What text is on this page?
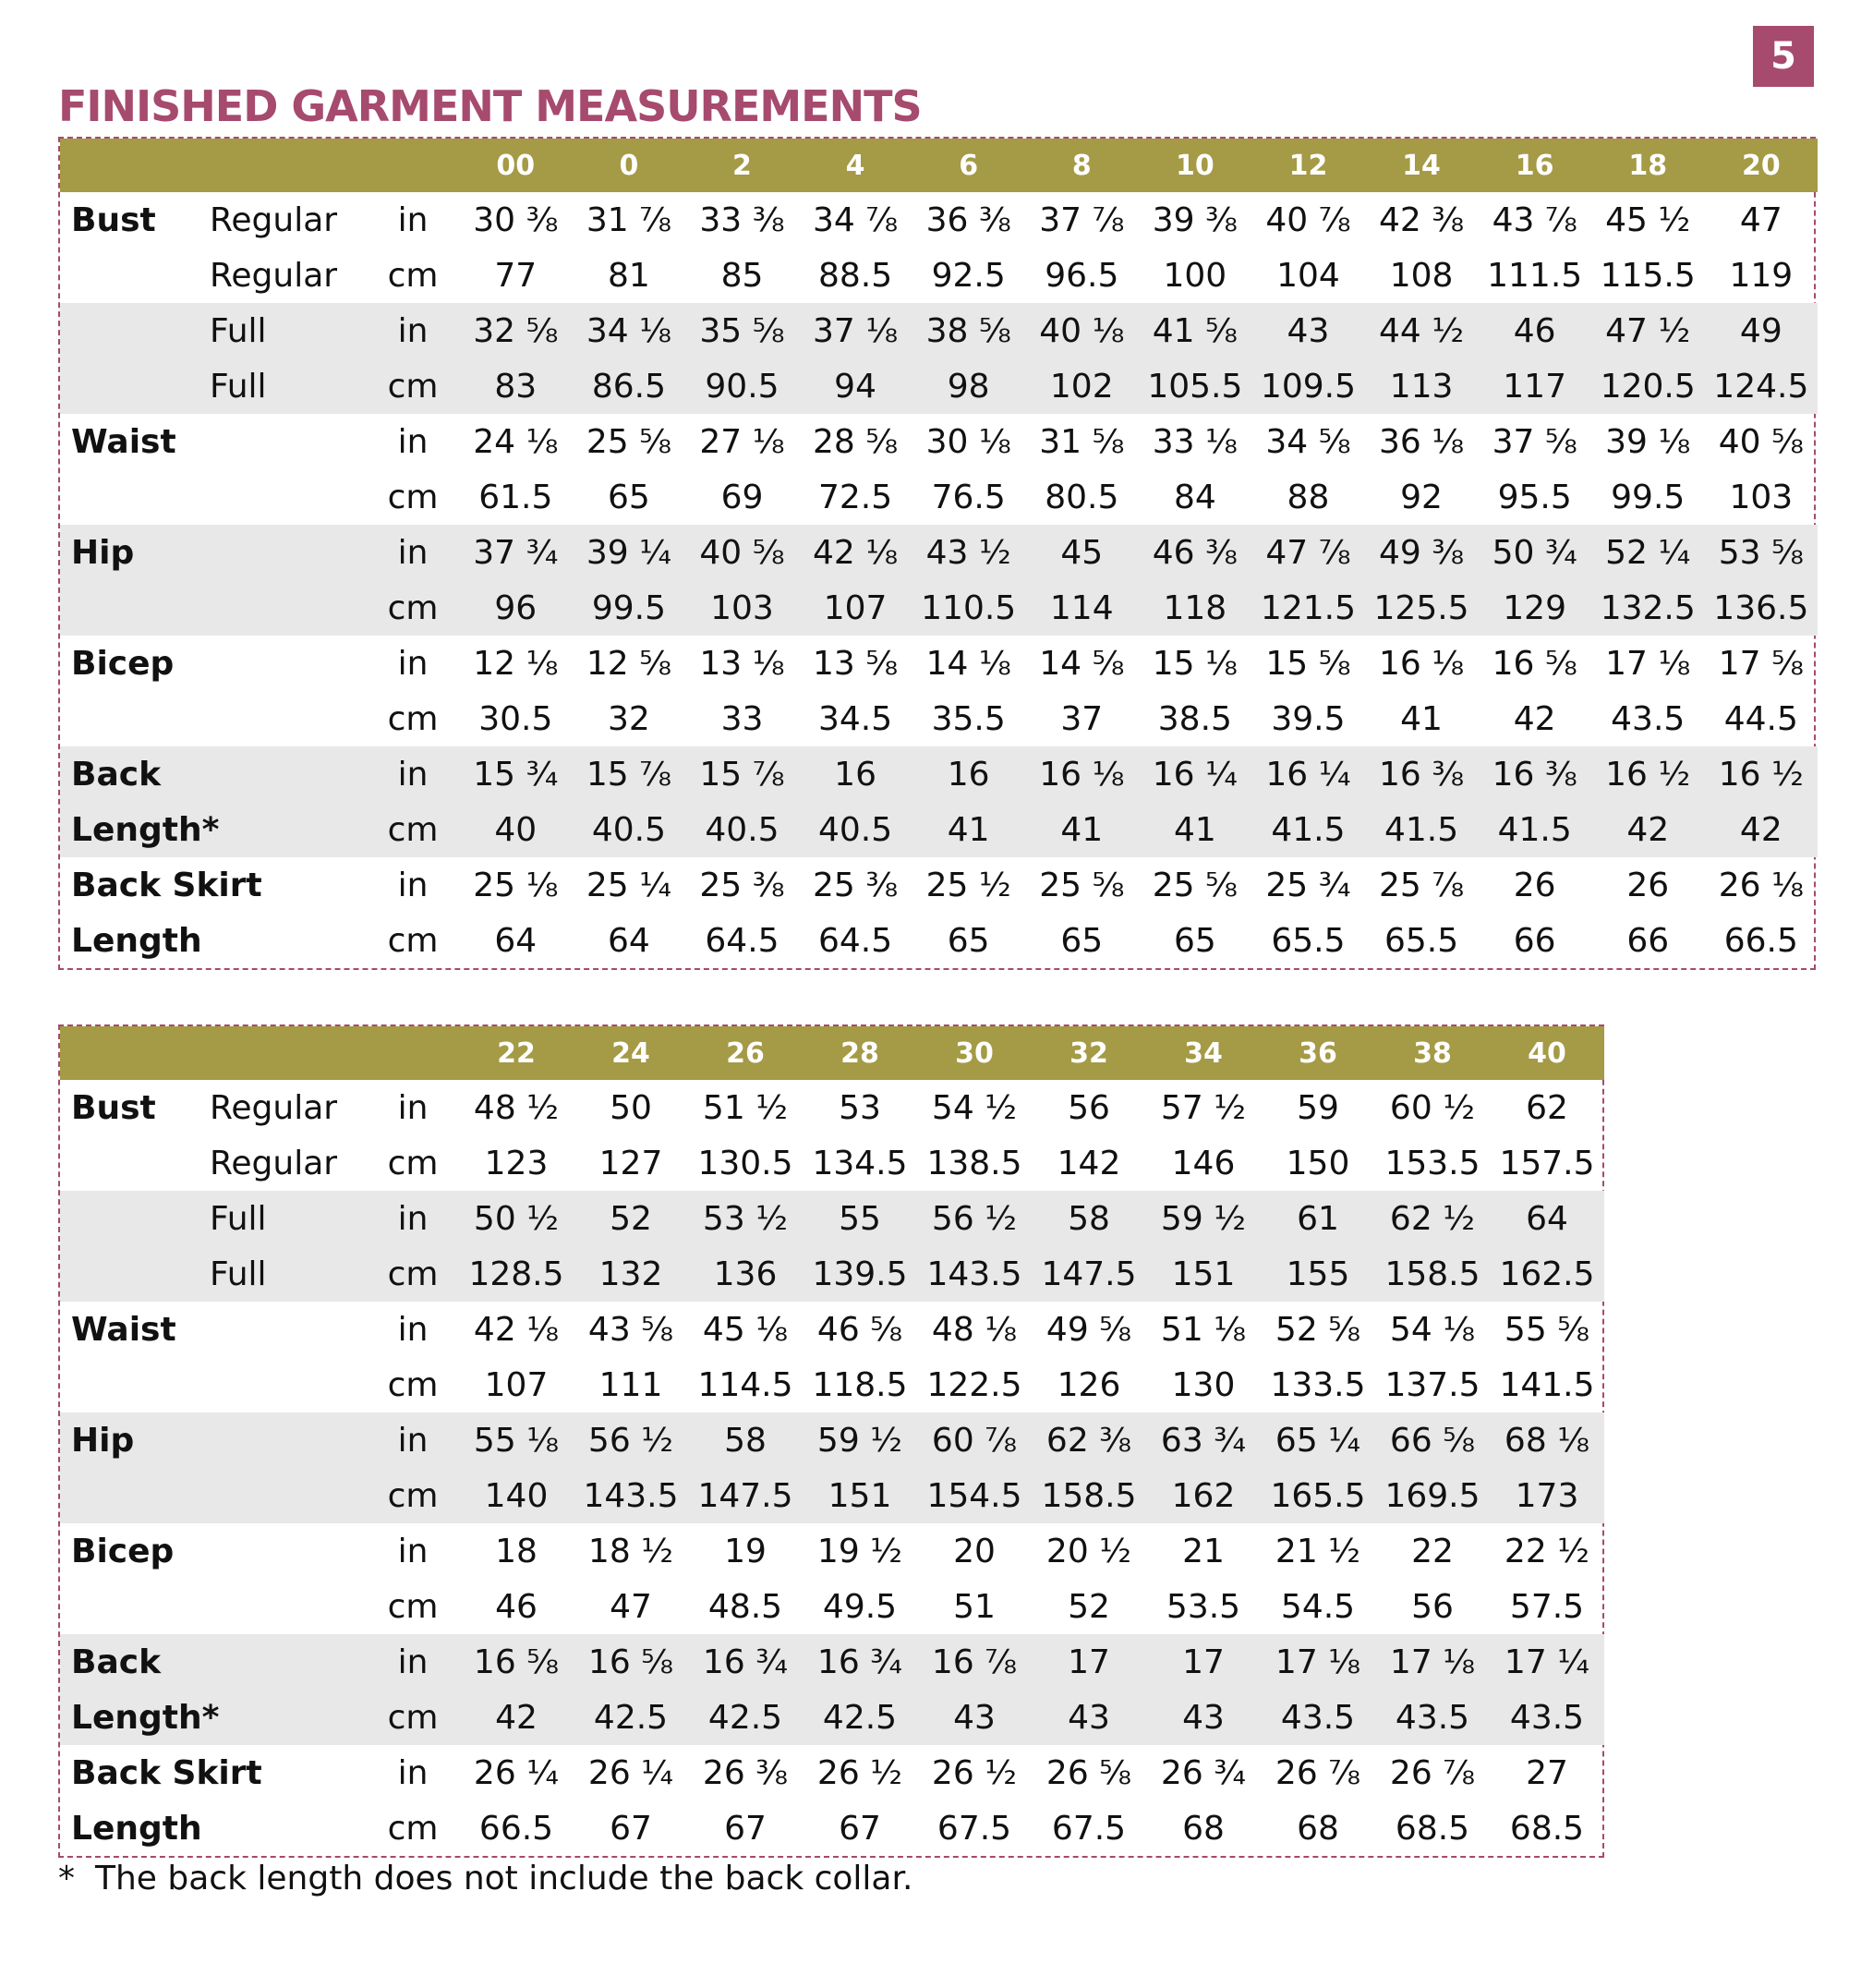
5
FINISHED GARMENT MEASUREMENTS
			00	0	2	4	6	8	10	12	14	16	18	20
Bust	Regular	in	30 ⅜	31 ⅞	33 ⅜	34 ⅞	36 ⅜	37 ⅞	39 ⅜	40 ⅞	42 ⅜	43 ⅞	45 ½	47
	Regular	cm	77	81	85	88.5	92.5	96.5	100	104	108	111.5	115.5	119
	Full	in	32 ⅝	34 ⅛	35 ⅝	37 ⅛	38 ⅝	40 ⅛	41 ⅝	43	44 ½	46	47 ½	49
	Full	cm	83	86.5	90.5	94	98	102	105.5	109.5	113	117	120.5	124.5
Waist		in	24 ⅛	25 ⅝	27 ⅛	28 ⅝	30 ⅛	31 ⅝	33 ⅛	34 ⅝	36 ⅛	37 ⅝	39 ⅛	40 ⅝
		cm	61.5	65	69	72.5	76.5	80.5	84	88	92	95.5	99.5	103
Hip		in	37 ¾	39 ¼	40 ⅝	42 ⅛	43 ½	45	46 ⅜	47 ⅞	49 ⅜	50 ¾	52 ¼	53 ⅝
		cm	96	99.5	103	107	110.5	114	118	121.5	125.5	129	132.5	136.5
Bicep		in	12 ⅛	12 ⅝	13 ⅛	13 ⅝	14 ⅛	14 ⅝	15 ⅛	15 ⅝	16 ⅛	16 ⅝	17 ⅛	17 ⅝
		cm	30.5	32	33	34.5	35.5	37	38.5	39.5	41	42	43.5	44.5
Back		in	15 ¾	15 ⅞	15 ⅞	16	16	16 ⅛	16 ¼	16 ¼	16 ⅜	16 ⅜	16 ½	16 ½
Length*		cm	40	40.5	40.5	40.5	41	41	41	41.5	41.5	41.5	42	42
Back Skirt		in	25 ⅛	25 ¼	25 ⅜	25 ⅜	25 ½	25 ⅝	25 ⅝	25 ¾	25 ⅞	26	26	26 ⅛
Length		cm	64	64	64.5	64.5	65	65	65	65.5	65.5	66	66	66.5
			22	24	26	28	30	32	34	36	38	40
Bust	Regular	in	48 ½	50	51 ½	53	54 ½	56	57 ½	59	60 ½	62
	Regular	cm	123	127	130.5	134.5	138.5	142	146	150	153.5	157.5
	Full	in	50 ½	52	53 ½	55	56 ½	58	59 ½	61	62 ½	64
	Full	cm	128.5	132	136	139.5	143.5	147.5	151	155	158.5	162.5
Waist		in	42 ⅛	43 ⅝	45 ⅛	46 ⅝	48 ⅛	49 ⅝	51 ⅛	52 ⅝	54 ⅛	55 ⅝
		cm	107	111	114.5	118.5	122.5	126	130	133.5	137.5	141.5
Hip		in	55 ⅛	56 ½	58	59 ½	60 ⅞	62 ⅜	63 ¾	65 ¼	66 ⅝	68 ⅛
		cm	140	143.5	147.5	151	154.5	158.5	162	165.5	169.5	173
Bicep		in	18	18 ½	19	19 ½	20	20 ½	21	21 ½	22	22 ½
		cm	46	47	48.5	49.5	51	52	53.5	54.5	56	57.5
Back		in	16 ⅝	16 ⅝	16 ¾	16 ¾	16 ⅞	17	17	17 ⅛	17 ⅛	17 ¼
Length*		cm	42	42.5	42.5	42.5	43	43	43	43.5	43.5	43.5
Back Skirt		in	26 ¼	26 ¼	26 ⅜	26 ½	26 ½	26 ⅝	26 ¾	26 ⅞	26 ⅞	27
Length		cm	66.5	67	67	67	67.5	67.5	68	68	68.5	68.5
* The back length does not include the back collar.
